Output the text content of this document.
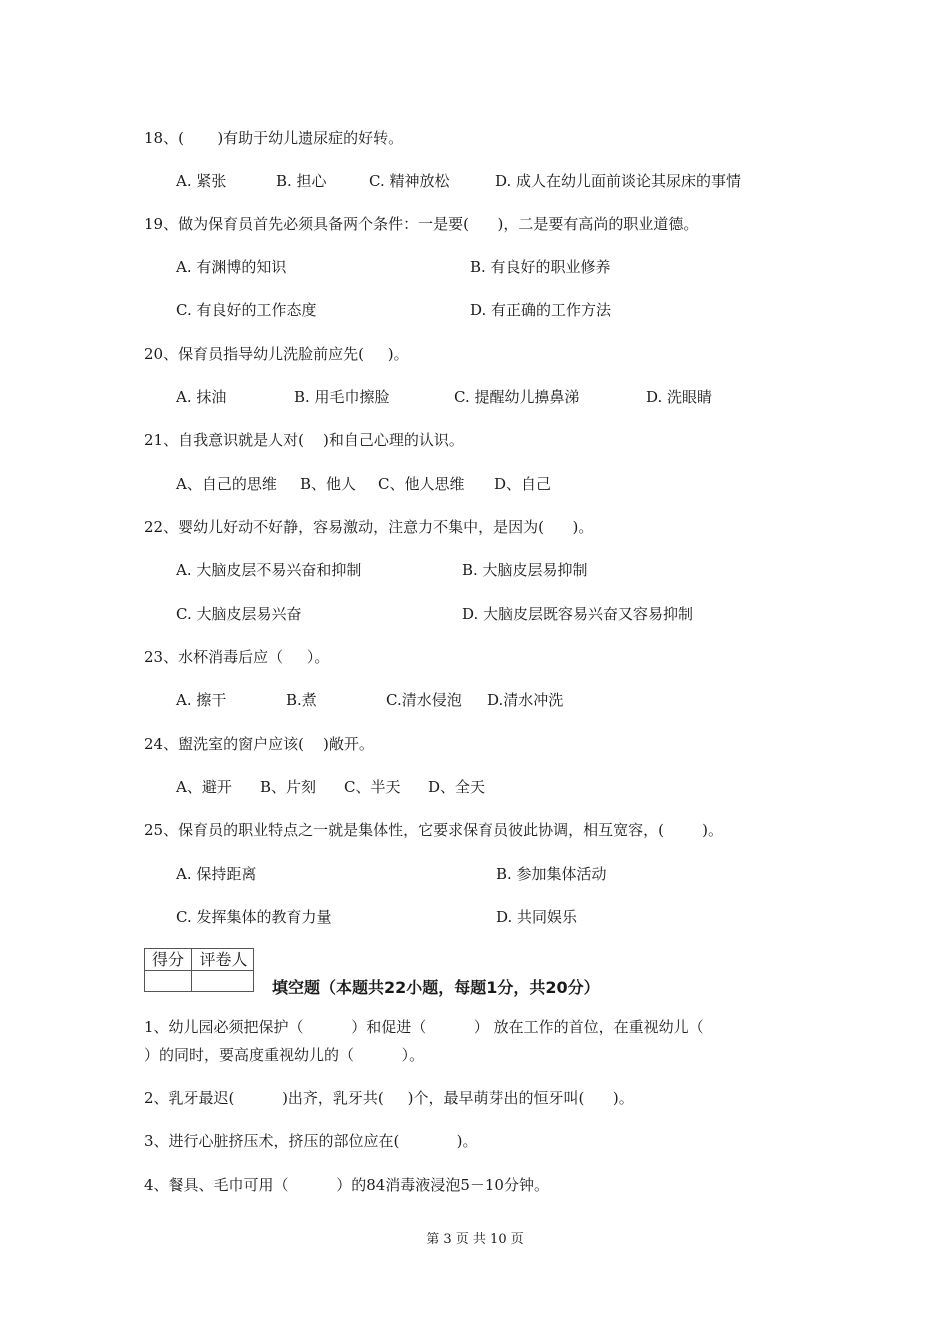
18、(       )有助于幼儿遗尿症的好转。
A. 紧张	B. 担心	C. 精神放松	D. 成人在幼儿面前谈论其尿床的事情
19、做为保育员首先必须具备两个条件：一是要(      )，二是要有高尚的职业道德。
A. 有渊博的知识	B. 有良好的职业修养
C. 有良好的工作态度	D. 有正确的工作方法
20、保育员指导幼儿洗脸前应先(     )。
A. 抹油	B. 用毛巾擦脸	C. 提醒幼儿擤鼻涕	D. 洗眼睛
21、自我意识就是人对(    )和自己心理的认识。
A、自己的思维 B、他人 C、他人思维 D、自己
22、婴幼儿好动不好静，容易激动，注意力不集中，是因为(      )。
A. 大脑皮层不易兴奋和抑制	B. 大脑皮层易抑制
C. 大脑皮层易兴奋	D. 大脑皮层既容易兴奋又容易抑制
23、水杯消毒后应（     ）。
A. 擦干	B.煮	C.清水侵泡 D.清水冲洗
24、盥洗室的窗户应该(    )敞开。
A、避开 B、片刻 C、半天 D、全天
25、保育员的职业特点之一就是集体性，它要求保育员彼此协调，相互宽容，(        )。
A. 保持距离	B. 参加集体活动
C. 发挥集体的教育力量	D. 共同娱乐
得分 评卷人
填空题（本题共22小题，每题1分，共20分）
1、幼儿园必须把保护（          ）和促进（          ） 放在工作的首位，在重视幼儿（
）的同时，要高度重视幼儿的（          ）。
2、乳牙最迟(          )出齐，乳牙共(     )个，最早萌芽出的恒牙叫(      )。
3、进行心脏挤压术，挤压的部位应在(            )。
4、餐具、毛巾可用（          ）的84消毒液浸泡5－10分钟。
第 3 页 共 10 页
